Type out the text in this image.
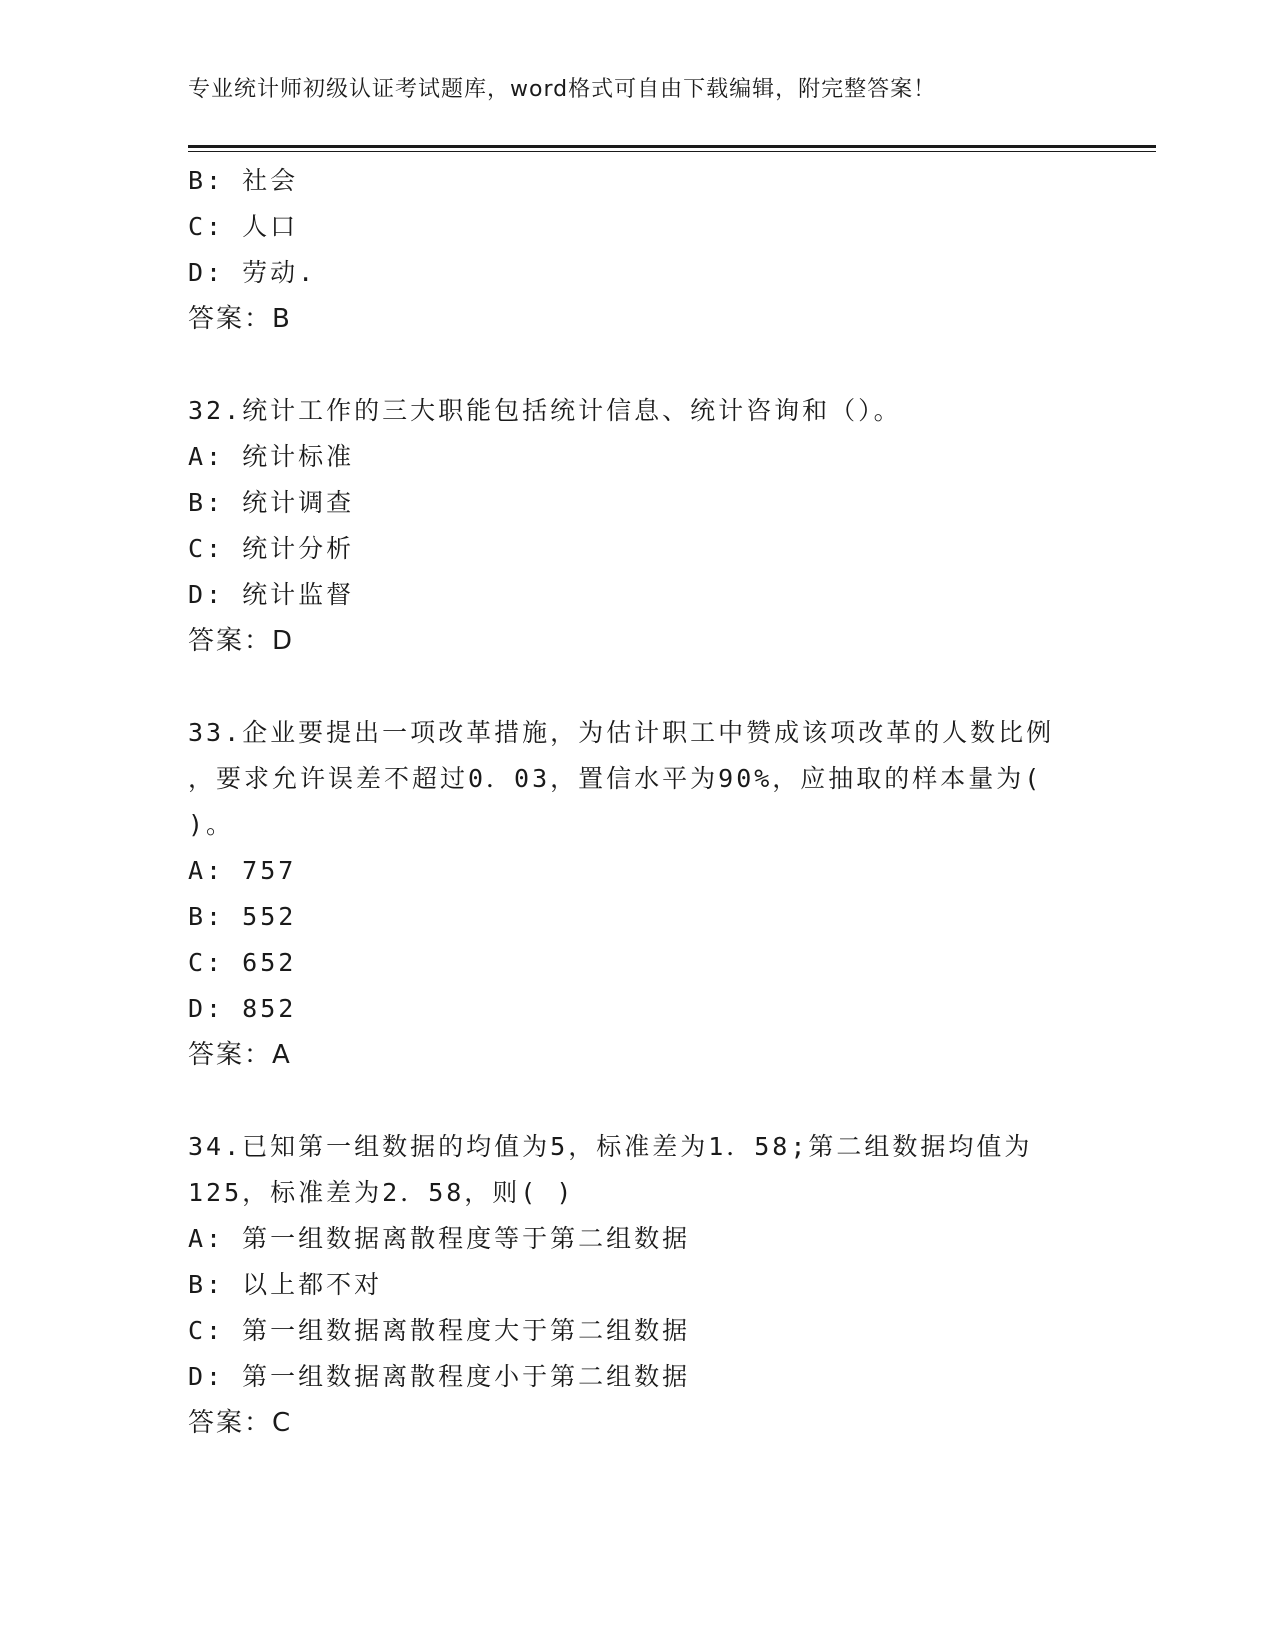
专业统计师初级认证考试题库，word格式可自由下载编辑，附完整答案！
B: 社会
C: 人口
D: 劳动.
答案：B
32.统计工作的三大职能包括统计信息、统计咨询和（）。
A: 统计标准
B: 统计调查
C: 统计分析
D: 统计监督
答案：D
33.企业要提出一项改革措施，为估计职工中赞成该项改革的人数比例
，要求允许误差不超过0．03，置信水平为90%，应抽取的样本量为(
)。
A: 757
B: 552
C: 652
D: 852
答案：A
34.已知第一组数据的均值为5，标准差为1．58;第二组数据均值为
125，标准差为2．58，则( )
A: 第一组数据离散程度等于第二组数据
B: 以上都不对
C: 第一组数据离散程度大于第二组数据
D: 第一组数据离散程度小于第二组数据
答案：C
